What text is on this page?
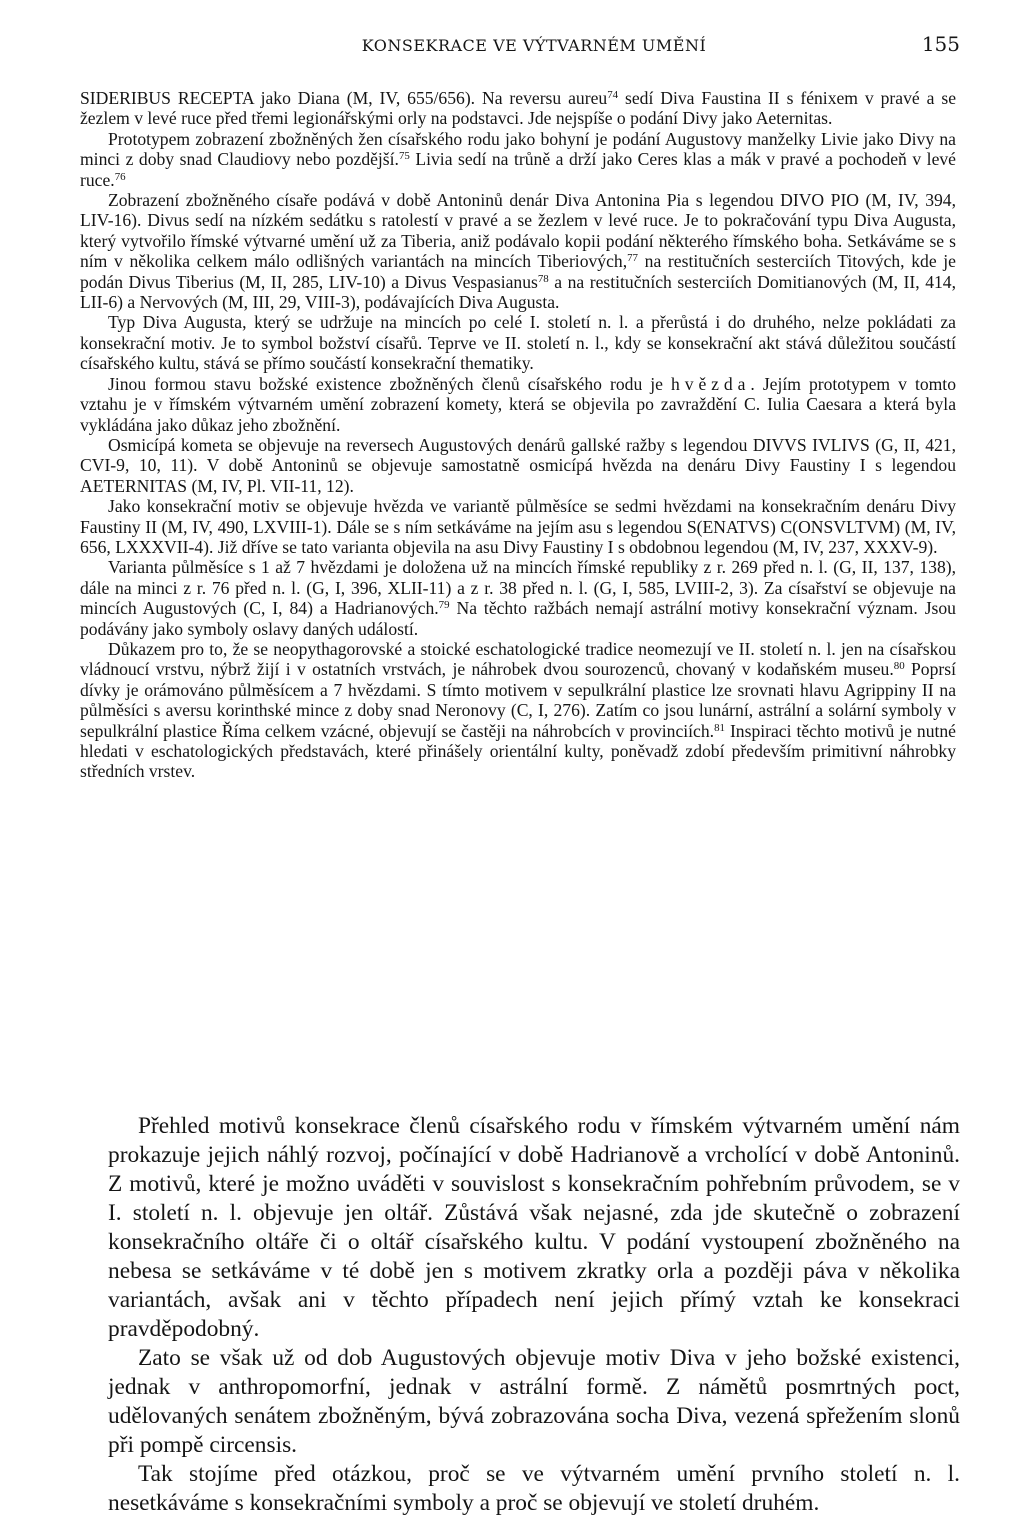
KONSEKRACE VE VÝTVARNÉM UMĚNÍ	155

SIDERIBUS RECEPTA jako Diana (M, IV, 655/656). Na reversu aureu$^{74}$ sedí Diva Faustina II s fénixem v pravé a se žezlem v levé ruce před třemi legionářskými orly na podstavci. Jde nejspíše o podání Divy jako Aeternitas.

Prototypem zobrazení zbožněných žen císařského rodu jako bohyní je podání Augustovy manželky Livie jako Divy na minci z doby snad Claudiovy nebo pozdější.$^{75}$ Livia sedí na trůně a drží jako Ceres klas a mák v pravé a pochodeň v levé ruce.$^{76}$

Zobrazení zbožněného císaře podává v době Antoninů denár Diva Antonina Pia s legendou DIVO PIO (M, IV, 394, LIV-16). Divus sedí na nízkém sedátku s ratolestí v pravé a se žezlem v levé ruce. Je to pokračování typu Diva Augusta, který vytvořilo římské výtvarné umění už za Tiberia, aniž podávalo kopii podání některého římského boha. Setkáváme se s ním v několika celkem málo odlišných variantách na mincích Tiberiových,$^{77}$ na restitučních sesterciích Titových, kde je podán Divus Tiberius (M, II, 285, LIV-10) a Divus Vespasianus$^{78}$ a na restitučních sesterciích Domitianových (M, II, 414, LII-6) a Nervových (M, III, 29, VIII-3), podávajících Diva Augusta.

Typ Diva Augusta, který se udržuje na mincích po celé I. století n. l. a přerůstá i do druhého, nelze pokládati za konsekrační motiv. Je to symbol božství císařů. Teprve ve II. století n. l., kdy se konsekrační akt stává důležitou součástí císařského kultu, stává se přímo součástí konsekrační thematiky.

Jinou formou stavu božské existence zbožněných členů císařského rodu je hvězda. Jejím prototypem v tomto vztahu je v římském výtvarném umění zobrazení komety, která se objevila po zavraždění C. Iulia Caesara a která byla vykládána jako důkaz jeho zbožnění.

Osmicípá kometa se objevuje na reversech Augustových denárů gallské ražby s legendou DIVVS IVLIVS (G, II, 421, CVI-9, 10, 11). V době Antoninů se objevuje samostatně osmicípá hvězda na denáru Divy Faustiny I s legendou AETERNITAS (M, IV, Pl. VII-11, 12).

Jako konsekrační motiv se objevuje hvězda ve variantě půlměsíce se sedmi hvězdami na konsekračním denáru Divy Faustiny II (M, IV, 490, LXVIII-1). Dále se s ním setkáváme na jejím asu s legendou S(ENATVS) C(ONSVLTVM) (M, IV, 656, LXXXVII-4). Již dříve se tato varianta objevila na asu Divy Faustiny I s obdobnou legendou (M, IV, 237, XXXV-9).

Varianta půlměsíce s 1 až 7 hvězdami je doložena už na mincích římské republiky z r. 269 před n. l. (G, II, 137, 138), dále na minci z r. 76 před n. l. (G, I, 396, XLII-11) a z r. 38 před n. l. (G, I, 585, LVIII-2, 3). Za císařství se objevuje na mincích Augustových (C, I, 84) a Hadrianových.$^{79}$ Na těchto ražbách nemají astrální motivy konsekrační význam. Jsou podávány jako symboly oslavy daných událostí.

Důkazem pro to, že se neopythagorovské a stoické eschatologické tradice neomezují ve II. století n. l. jen na císařskou vládnoucí vrstvu, nýbrž žijí i v ostatních vrstvách, je náhrobek dvou sourozenců, chovaný v kodaňském museu.$^{80}$ Poprsí dívky je orámováno půlměsícem a 7 hvězdami. S tímto motivem v sepulkrální plastice lze srovnati hlavu Agrippiny II na půlměsíci s aversu korinthské mince z doby snad Neronovy (C, I, 276). Zatím co jsou lunární, astrální a solární symboly v sepulkrální plastice Říma celkem vzácné, objevují se častěji na náhrobcích v provinciích.$^{81}$ Inspiraci těchto motivů je nutné hledati v eschatologických představách, které přinášely orientální kulty, poněvadž zdobí především primitivní náhrobky středních vrstev.

Přehled motivů konsekrace členů císařského rodu v římském výtvarném umění nám prokazuje jejich náhlý rozvoj, počínající v době Hadrianově a vrcholící v době Antoninů. Z motivů, které je možno uváděti v souvislost s konsekračním pohřebním průvodem, se v I. století n. l. objevuje jen oltář. Zůstává však nejasné, zda jde skutečně o zobrazení konsekračního oltáře či o oltář císařského kultu. V podání vystoupení zbožněného na nebesa se setkáváme v té době jen s motivem zkratky orla a později páva v několika variantách, avšak ani v těchto případech není jejich přímý vztah ke konsekraci pravděpodobný.

Zato se však už od dob Augustových objevuje motiv Diva v jeho božské existenci, jednak v anthropomorfní, jednak v astrální formě. Z námětů posmrtných poct, udělovaných senátem zbožněným, bývá zobrazována socha Diva, vezená spřežením slonů při pompě circensis.

Tak stojíme před otázkou, proč se ve výtvarném umění prvního století n. l. nesetkáváme s konsekračními symboly a proč se objevují ve století druhém.
